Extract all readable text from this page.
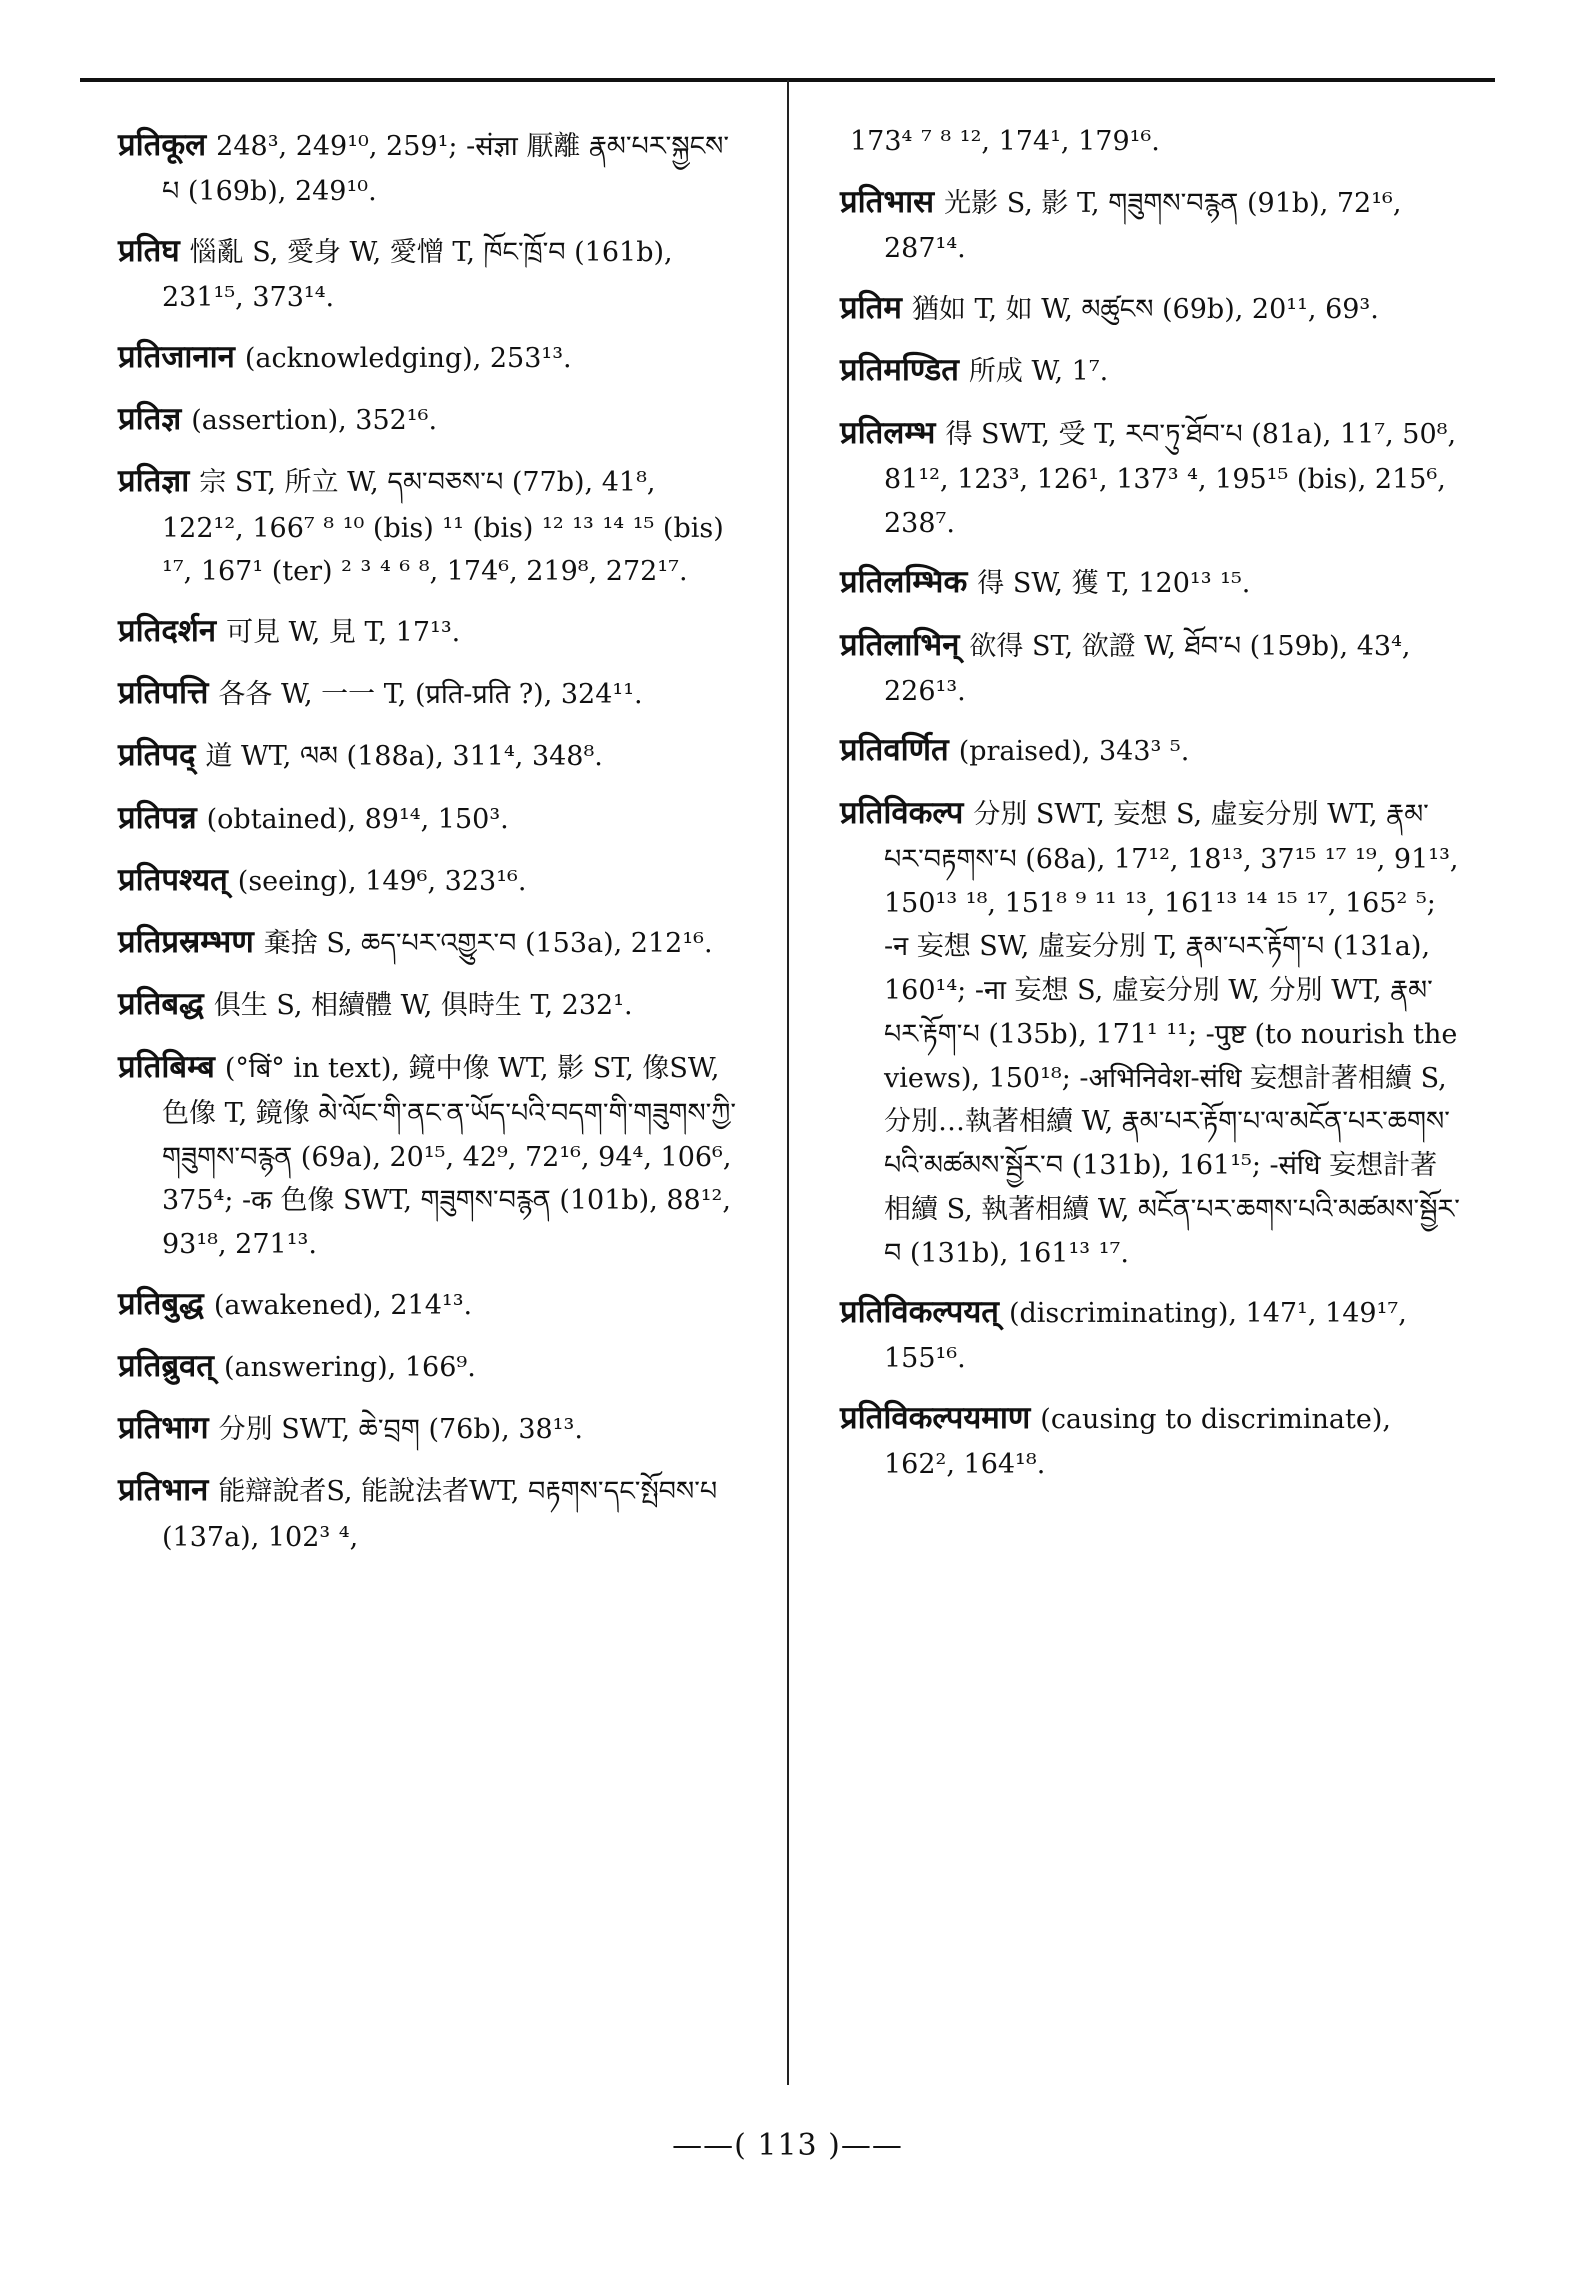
प्रतिकूल 248³, 249¹⁰, 259¹; -संज्ञा 厭離 རྣམ་པར་སྐྱངས་པ (169b), 249¹⁰.

प्रतिघ 惱亂 S, 愛身 W, 愛憎 T, ཁོང་ཁྲོ་བ (161b), 231¹⁵, 373¹⁴.

प्रतिजानान (acknowledging), 253¹³.

प्रतिज्ञ (assertion), 352¹⁶.

प्रतिज्ञा 宗 ST, 所立 W, དམ་བཅས་པ (77b), 41⁸, 122¹², 166⁷ ⁸ ¹⁰ (bis) ¹¹ (bis) ¹² ¹³ ¹⁴ ¹⁵ (bis) ¹⁷, 167¹ (ter) ² ³ ⁴ ⁶ ⁸, 174⁶, 219⁸, 272¹⁷.

प्रतिदर्शन 可見 W, 見 T, 17¹³.

प्रतिपत्ति 各各 W, 一一 T, (प्रति-प्रति ?), 324¹¹.

प्रतिपद् 道 WT, ལམ (188a), 311⁴, 348⁸.

प्रतिपन्न (obtained), 89¹⁴, 150³.

प्रतिपश्यत् (seeing), 149⁶, 323¹⁶.

प्रतिप्रस्रम्भण 棄捨 S, ཆད་པར་འགྱུར་བ (153a), 212¹⁶.

प्रतिबद्ध 俱生 S, 相續體 W, 俱時生 T, 232¹.

प्रतिबिम्ब (°बिं° in text), 鏡中像 WT, 影 ST, 像SW, 色像 T, 鏡像 མེ་ལོང་གི་ནང་ན་ཡོད་པའི་བདག་གི་གཟུགས་ཀྱི་གཟུགས་བརྙན (69a), 20¹⁵, 42⁹, 72¹⁶, 94⁴, 106⁶, 375⁴; -क 色像 SWT, གཟུགས་བརྙན (101b), 88¹², 93¹⁸, 271¹³.

प्रतिबुद्ध (awakened), 214¹³.

प्रतिब्रुवत् (answering), 166⁹.

प्रतिभाग 分別 SWT, ཆེ་བྲག (76b), 38¹³.

प्रतिभान 能辯說者S, 能說法者WT, བརྟགས་དང་སྤོབས་པ (137a), 102³ ⁴,

173⁴ ⁷ ⁸ ¹², 174¹, 179¹⁶.

प्रतिभास 光影 S, 影 T, གཟུགས་བརྙན (91b), 72¹⁶, 287¹⁴.

प्रतिम 猶如 T, 如 W, མཚུངས (69b), 20¹¹, 69³.

प्रतिमण्डित 所成 W, 1⁷.

प्रतिलम्भ 得 SWT, 受 T, རབ་ཏུ་ཐོབ་པ (81a), 11⁷, 50⁸, 81¹², 123³, 126¹, 137³ ⁴, 195¹⁵ (bis), 215⁶, 238⁷.

प्रतिलम्भिक 得 SW, 獲 T, 120¹³ ¹⁵.

प्रतिलाभिन् 欲得 ST, 欲證 W, ཐོབ་པ (159b), 43⁴, 226¹³.

प्रतिवर्णित (praised), 343³ ⁵.

प्रतिविकल्प 分別 SWT, 妄想 S, 虛妄分別 WT, རྣམ་པར་བརྟགས་པ (68a), 17¹², 18¹³, 37¹⁵ ¹⁷ ¹⁹, 91¹³, 150¹³ ¹⁸, 151⁸ ⁹ ¹¹ ¹³, 161¹³ ¹⁴ ¹⁵ ¹⁷, 165² ⁵; -न 妄想 SW, 虛妄分別 T, རྣམ་པར་རྟོག་པ (131a), 160¹⁴; -ना 妄想 S, 虛妄分別 W, 分別 WT, རྣམ་པར་རྟོག་པ (135b), 171¹ ¹¹; -पुष्ट (to nourish the views), 150¹⁸; -अभिनिवेश-संधि 妄想計著相續 S, 分別…執著相續 W, རྣམ་པར་རྟོག་པ་ལ་མངོན་པར་ཆགས་པའི་མཚམས་སྦྱོར་བ (131b), 161¹⁵; -संधि 妄想計著相續 S, 執著相續 W, མངོན་པར་ཆགས་པའི་མཚམས་སྦྱོར་བ (131b), 161¹³ ¹⁷.

प्रतिविकल्पयत् (discriminating), 147¹, 149¹⁷, 155¹⁶.

प्रतिविकल्पयमाण (causing to discriminate), 162², 164¹⁸.

——( 113 )——
